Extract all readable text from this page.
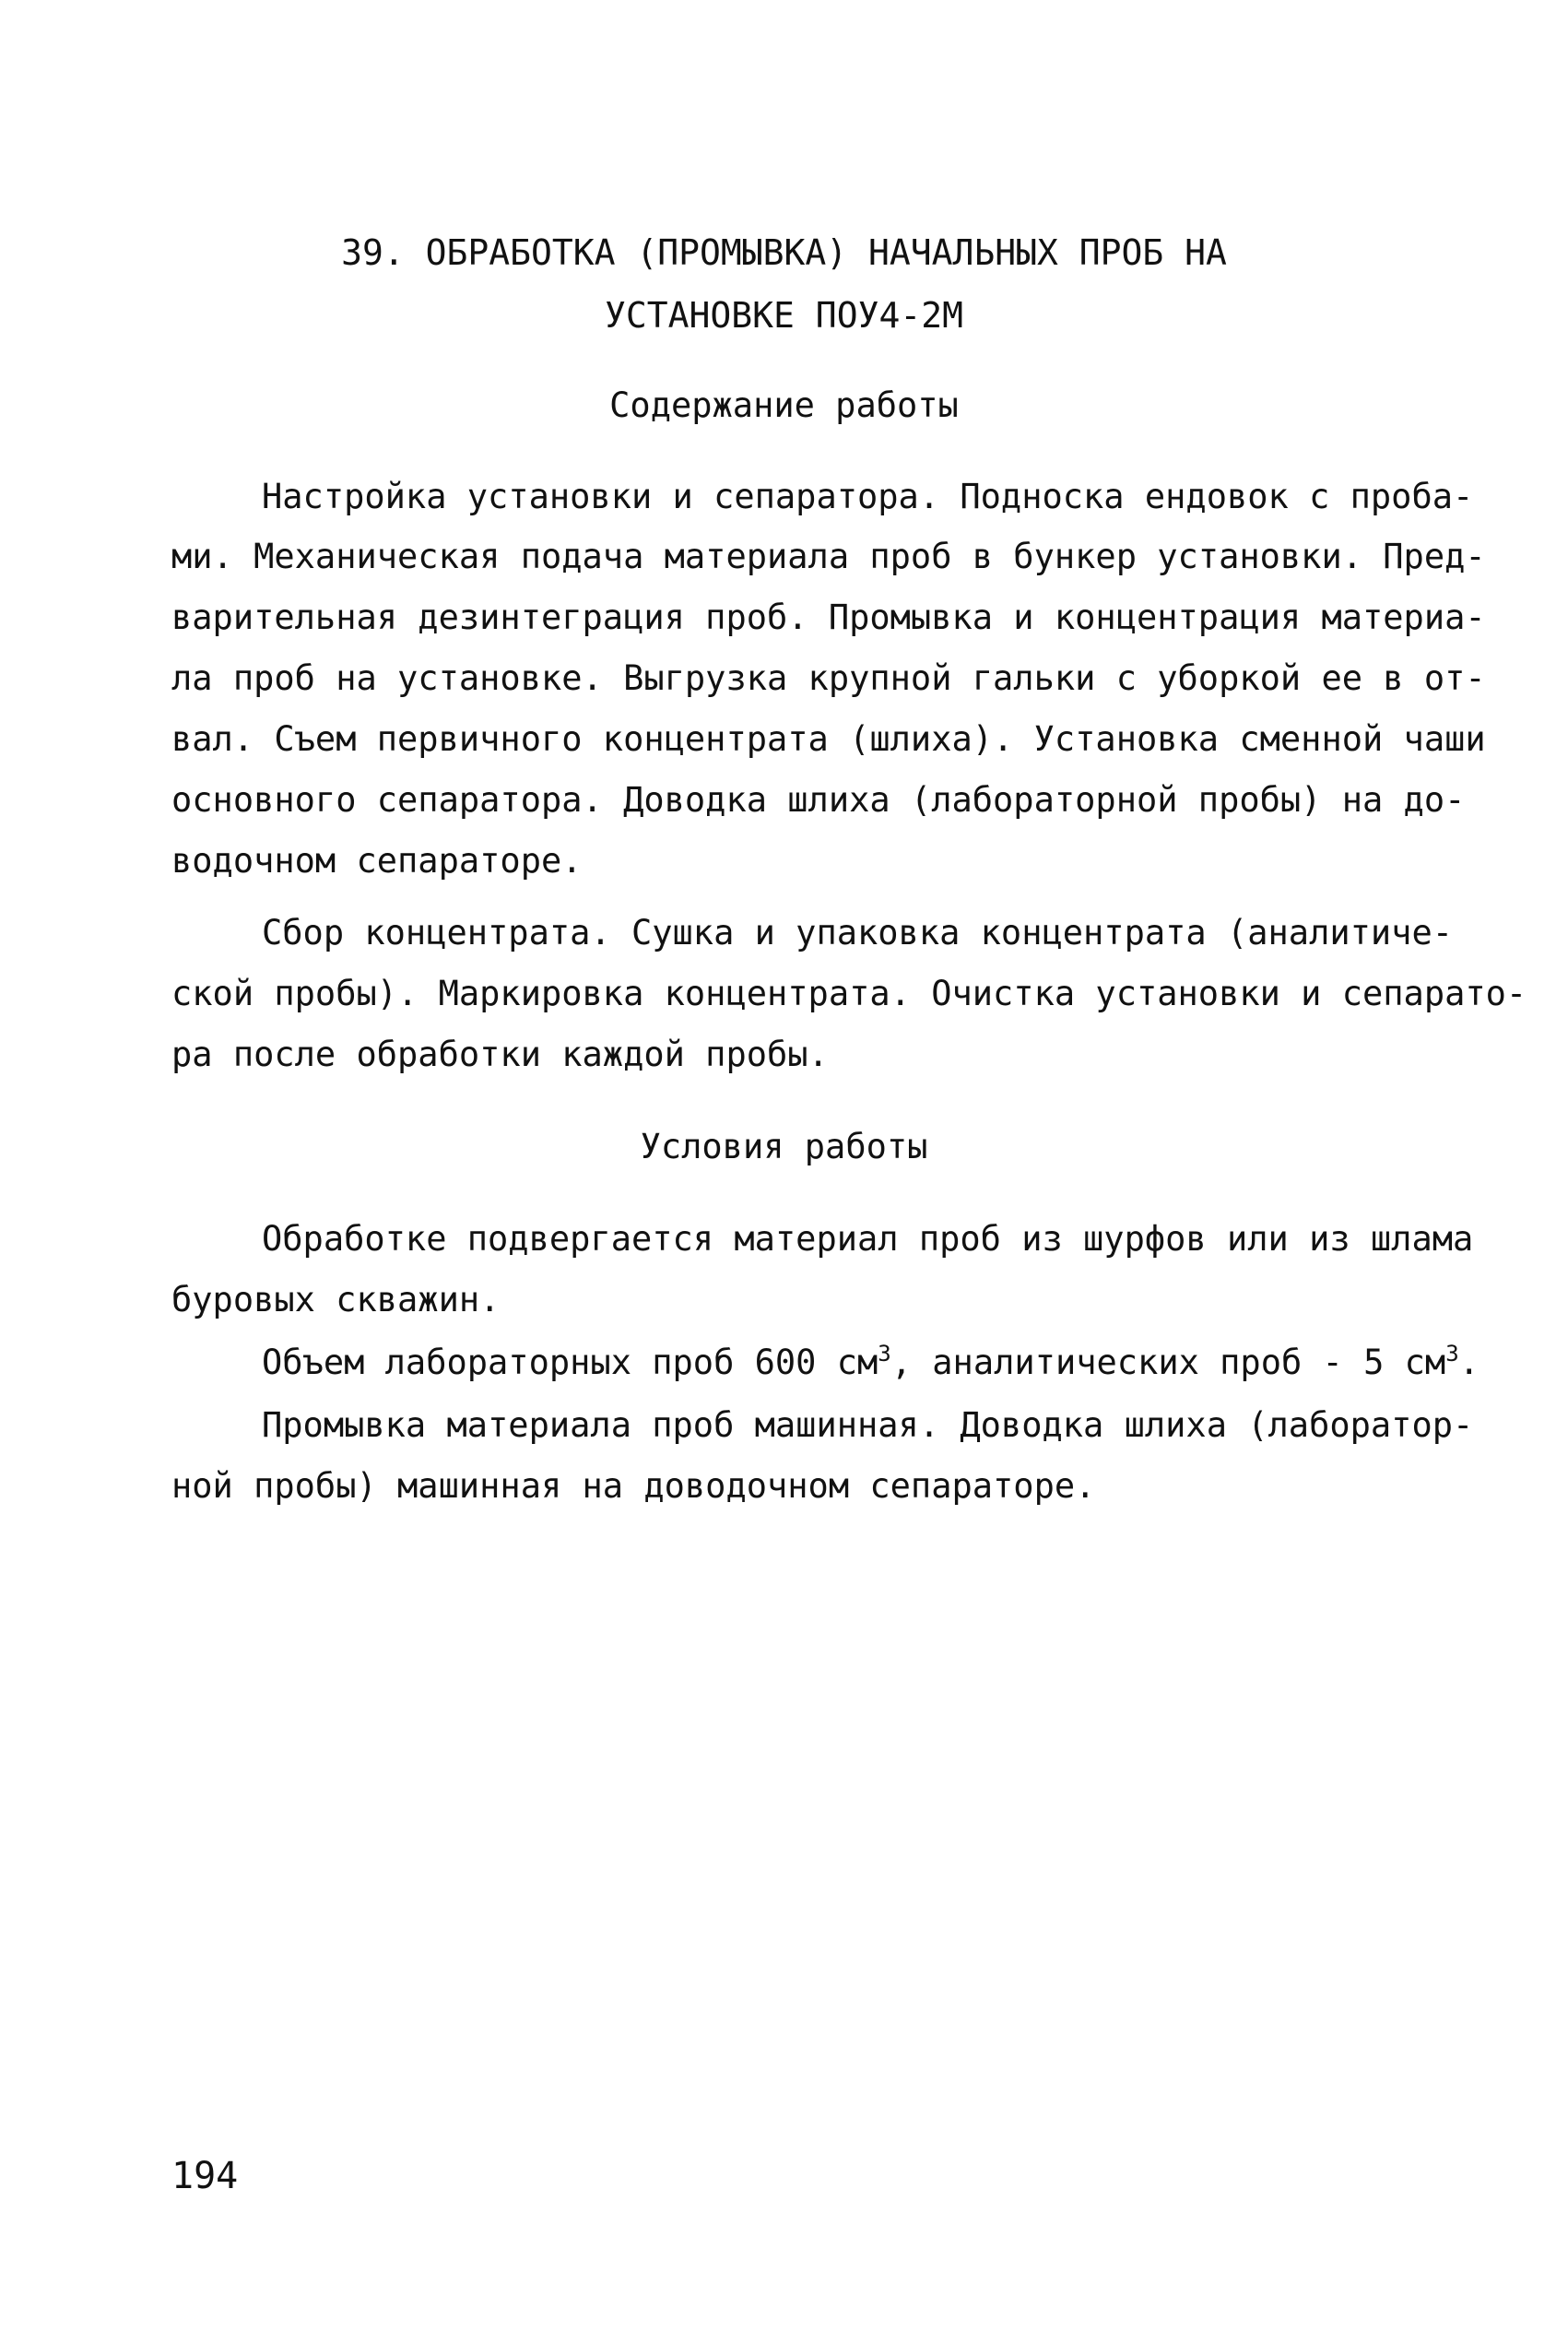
39. ОБРАБОТКА (ПРОМЫВКА) НАЧАЛЬНЫХ ПРОБ НА
УСТАНОВКЕ ПОУ4-2М
Содержание работы
Настройка установки и сепаратора. Подноска ендовок с проба-
ми. Механическая подача материала проб в бункер установки. Пред-
варительная дезинтеграция проб. Промывка и концентрация материа-
ла проб на установке. Выгрузка крупной гальки с уборкой ее в от-
вал. Съем первичного концентрата (шлиха). Установка сменной чаши
основного сепаратора. Доводка шлиха (лабораторной пробы) на до-
водочном сепараторе.
Сбор концентрата. Сушка и упаковка концентрата (аналитиче-
ской пробы). Маркировка концентрата. Очистка установки и сепарато-
ра после обработки каждой пробы.
Условия работы
Обработке подвергается материал проб из шурфов или из шлама
буровых скважин.
Объем лабораторных проб 600 $см^3$, аналитических проб - 5 $см^3$.
Промывка материала проб машинная. Доводка шлиха (лаборатор-
ной пробы) машинная на доводочном сепараторе.
194
